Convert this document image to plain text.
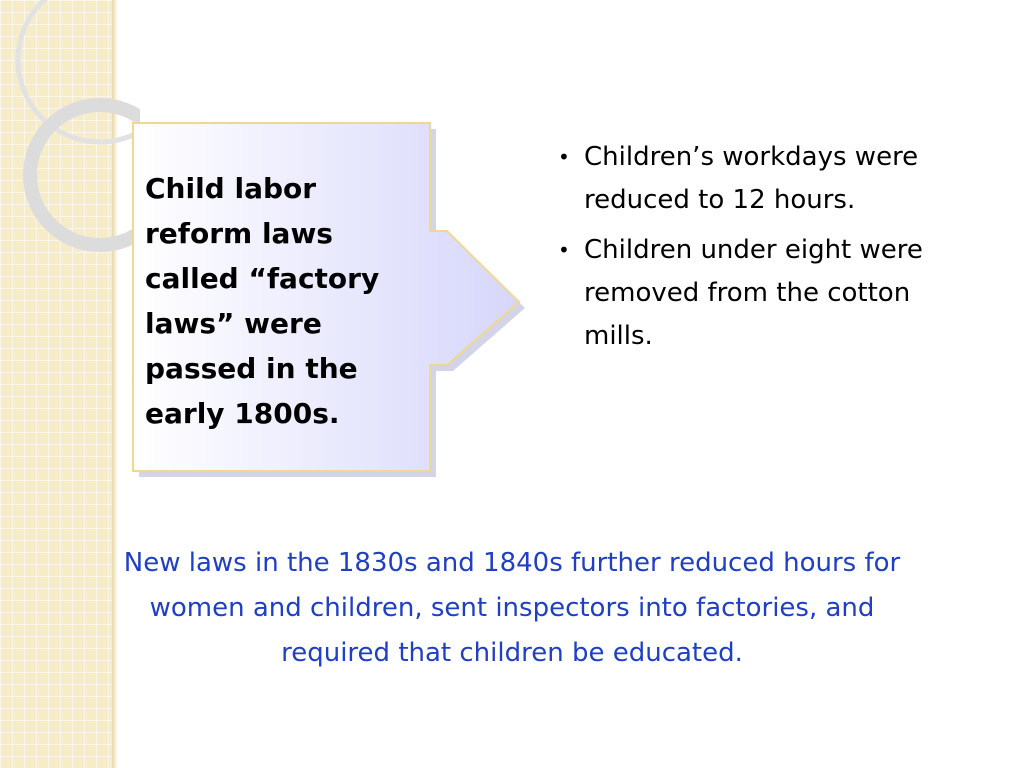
Child labor reform laws called “factory laws” were passed in the early 1800s.
• Children’s workdays were reduced to 12 hours.
• Children under eight were removed from the cotton mills.
New laws in the 1830s and 1840s further reduced hours for women and children, sent inspectors into factories, and required that children be educated.
